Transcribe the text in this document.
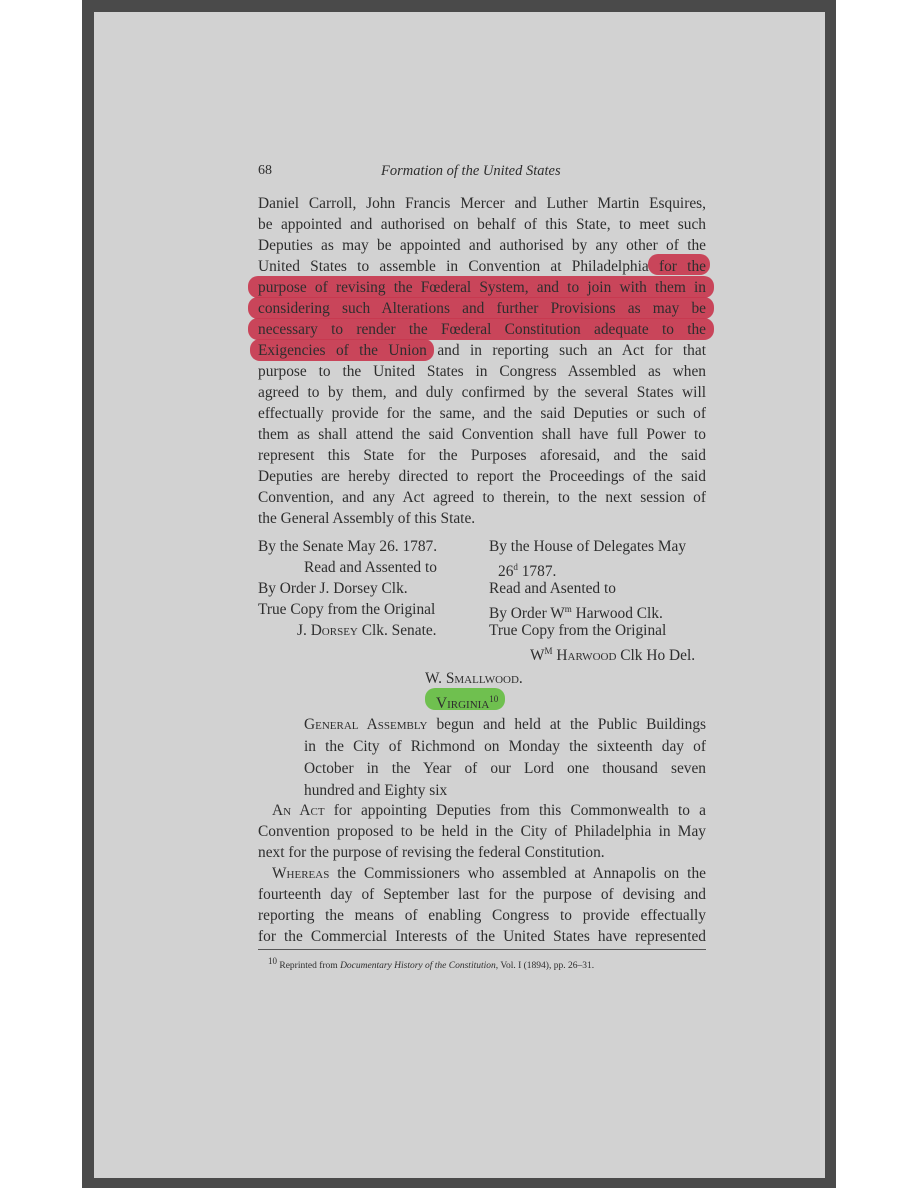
68	Formation of the United States
Daniel Carroll, John Francis Mercer and Luther Martin Esquires,
be appointed and authorised on behalf of this State, to meet such
Deputies as may be appointed and authorised by any other of the
United States to assemble in Convention at Philadelphia for the
purpose of revising the Fœderal System, and to join with them in
considering such Alterations and further Provisions as may be
necessary to render the Fœderal Constitution adequate to the
Exigencies of the Union and in reporting such an Act for that
purpose to the United States in Congress Assembled as when
agreed to by them, and duly confirmed by the several States will
effectually provide for the same, and the said Deputies or such of
them as shall attend the said Convention shall have full Power to
represent this State for the Purposes aforesaid, and the said
Deputies are hereby directed to report the Proceedings of the said
Convention, and any Act agreed to therein, to the next session of
the General Assembly of this State.
By the Senate May 26. 1787.
Read and Assented to
By Order J. Dorsey Clk.
True Copy from the Original
J. Dorsey Clk. Senate.
By the House of Delegates May
26$^d$ 1787.
Read and Asented to
By Order $W^m$ Harwood Clk.
True Copy from the Original
$W^M$ Harwood Clk Ho Del.
W. Smallwood.
Virginia$^{10}$
General Assembly begun and held at the Public Buildings
in the City of Richmond on Monday the sixteenth day of
October in the Year of our Lord one thousand seven
hundred and Eighty six
An Act for appointing Deputies from this Commonwealth to a
Convention proposed to be held in the City of Philadelphia in May
next for the purpose of revising the federal Constitution.
Whereas the Commissioners who assembled at Annapolis on the
fourteenth day of September last for the purpose of devising and
reporting the means of enabling Congress to provide effectually
for the Commercial Interests of the United States have represented
$^{10}$ Reprinted from Documentary History of the Constitution, Vol. I (1894), pp. 26–31.
